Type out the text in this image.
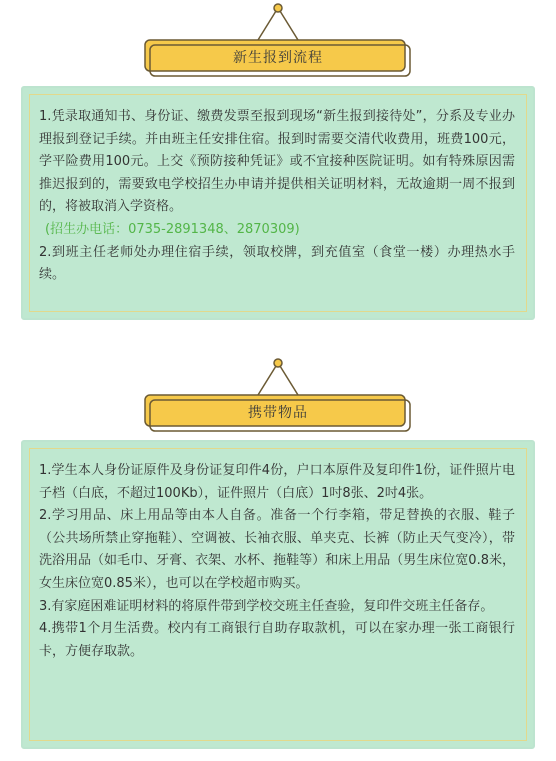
新生报到流程

1.凭录取通知书、身份证、缴费发票至报到现场“新生报到接待处”，分系及专业办理报到登记手续。并由班主任安排住宿。报到时需要交清代收费用，班费100元，学平险费用100元。上交《预防接种凭证》或不宜接种医院证明。如有特殊原因需推迟报到的，需要致电学校招生办申请并提供相关证明材料，无故逾期一周不报到的，将被取消入学资格。

(招生办电话：0735-2891348、2870309)

2.到班主任老师处办理住宿手续，领取校牌，到充值室（食堂一楼）办理热水手续。

携带物品

1.学生本人身份证原件及身份证复印件4份，户口本原件及复印件1份，证件照片电子档（白底，不超过100Kb），证件照片（白底）1吋8张、2吋4张。

2.学习用品、床上用品等由本人自备。准备一个行李箱，带足替换的衣服、鞋子（公共场所禁止穿拖鞋）、空调被、长袖衣服、单夹克、长裤（防止天气变冷），带洗浴用品（如毛巾、牙膏、衣架、水杯、拖鞋等）和床上用品（男生床位宽0.8米，女生床位宽0.85米），也可以在学校超市购买。

3.有家庭困难证明材料的将原件带到学校交班主任查验，复印件交班主任备存。

4.携带1个月生活费。校内有工商银行自助存取款机，可以在家办理一张工商银行卡，方便存取款。
